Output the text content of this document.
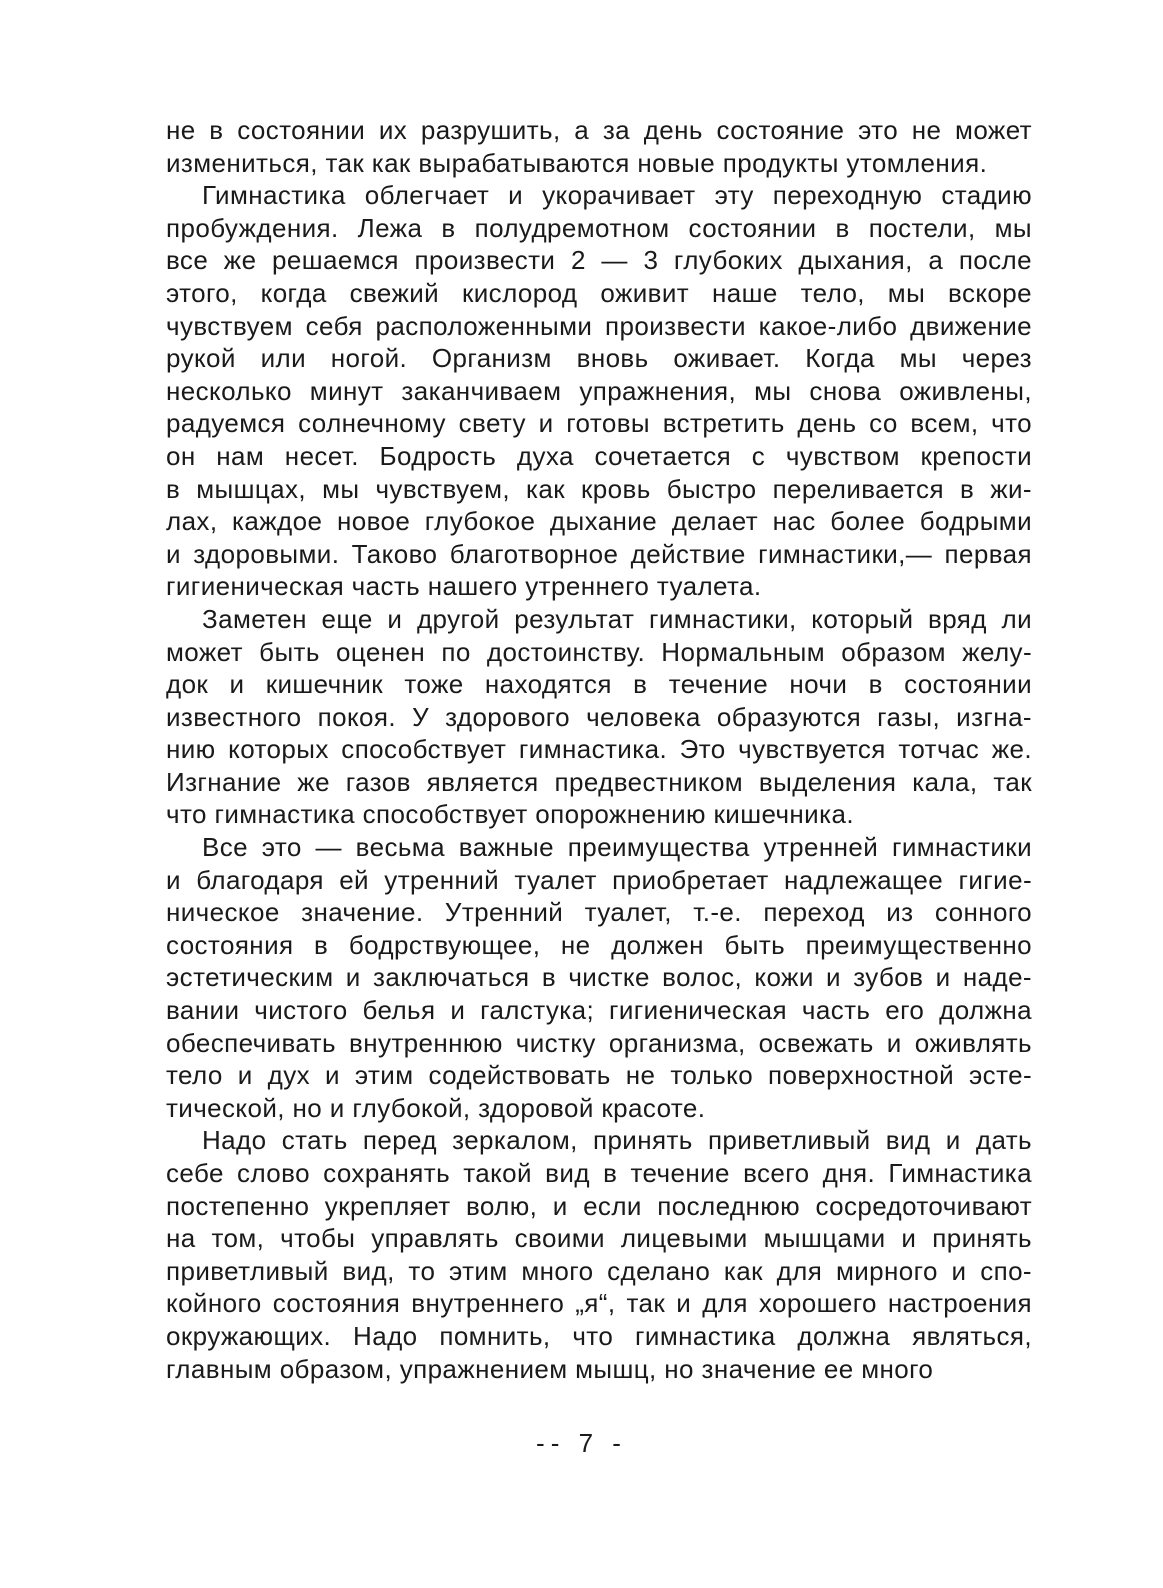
не в состоянии их разрушить, а за день состояние это не может
измениться, так как вырабатываются новые продукты утомления.
Гимнастика облегчает и укорачивает эту переходную стадию
пробуждения. Лежа в полудремотном состоянии в постели, мы
все же решаемся произвести 2 — 3 глубоких дыхания, а после
этого, когда свежий кислород оживит наше тело, мы вскоре
чувствуем себя расположенными произвести какое-либо движение
рукой или ногой. Организм вновь оживает. Когда мы через
несколько минут заканчиваем упражнения, мы снова оживлены,
радуемся солнечному свету и готовы встретить день со всем, что
он нам несет. Бодрость духа сочетается с чувством крепости
в мышцах, мы чувствуем, как кровь быстро переливается в жи-
лах, каждое новое глубокое дыхание делает нас более бодрыми
и здоровыми. Таково благотворное действие гимнастики,— первая
гигиеническая часть нашего утреннего туалета.
Заметен еще и другой результат гимнастики, который вряд ли
может быть оценен по достоинству. Нормальным образом желу-
док и кишечник тоже находятся в течение ночи в состоянии
известного покоя. У здорового человека образуются газы, изгна-
нию которых способствует гимнастика. Это чувствуется тотчас же.
Изгнание же газов является предвестником выделения кала, так
что гимнастика способствует опорожнению кишечника.
Все это — весьма важные преимущества утренней гимнастики
и благодаря ей утренний туалет приобретает надлежащее гигие-
ническое значение. Утренний туалет, т.-е. переход из сонного
состояния в бодрствующее, не должен быть преимущественно
эстетическим и заключаться в чистке волос, кожи и зубов и наде-
вании чистого белья и галстука; гигиеническая часть его должна
обеспечивать внутреннюю чистку организма, освежать и оживлять
тело и дух и этим содействовать не только поверхностной эсте-
тической, но и глубокой, здоровой красоте.
Надо стать перед зеркалом, принять приветливый вид и дать
себе слово сохранять такой вид в течение всего дня. Гимнастика
постепенно укрепляет волю, и если последнюю сосредоточивают
на том, чтобы управлять своими лицевыми мышцами и принять
приветливый вид, то этим много сделано как для мирного и спо-
койного состояния внутреннего „я“, так и для хорошего настроения
окружающих. Надо помнить, что гимнастика должна являться,
главным образом, упражнением мышц, но значение ее много
-- 7 -
